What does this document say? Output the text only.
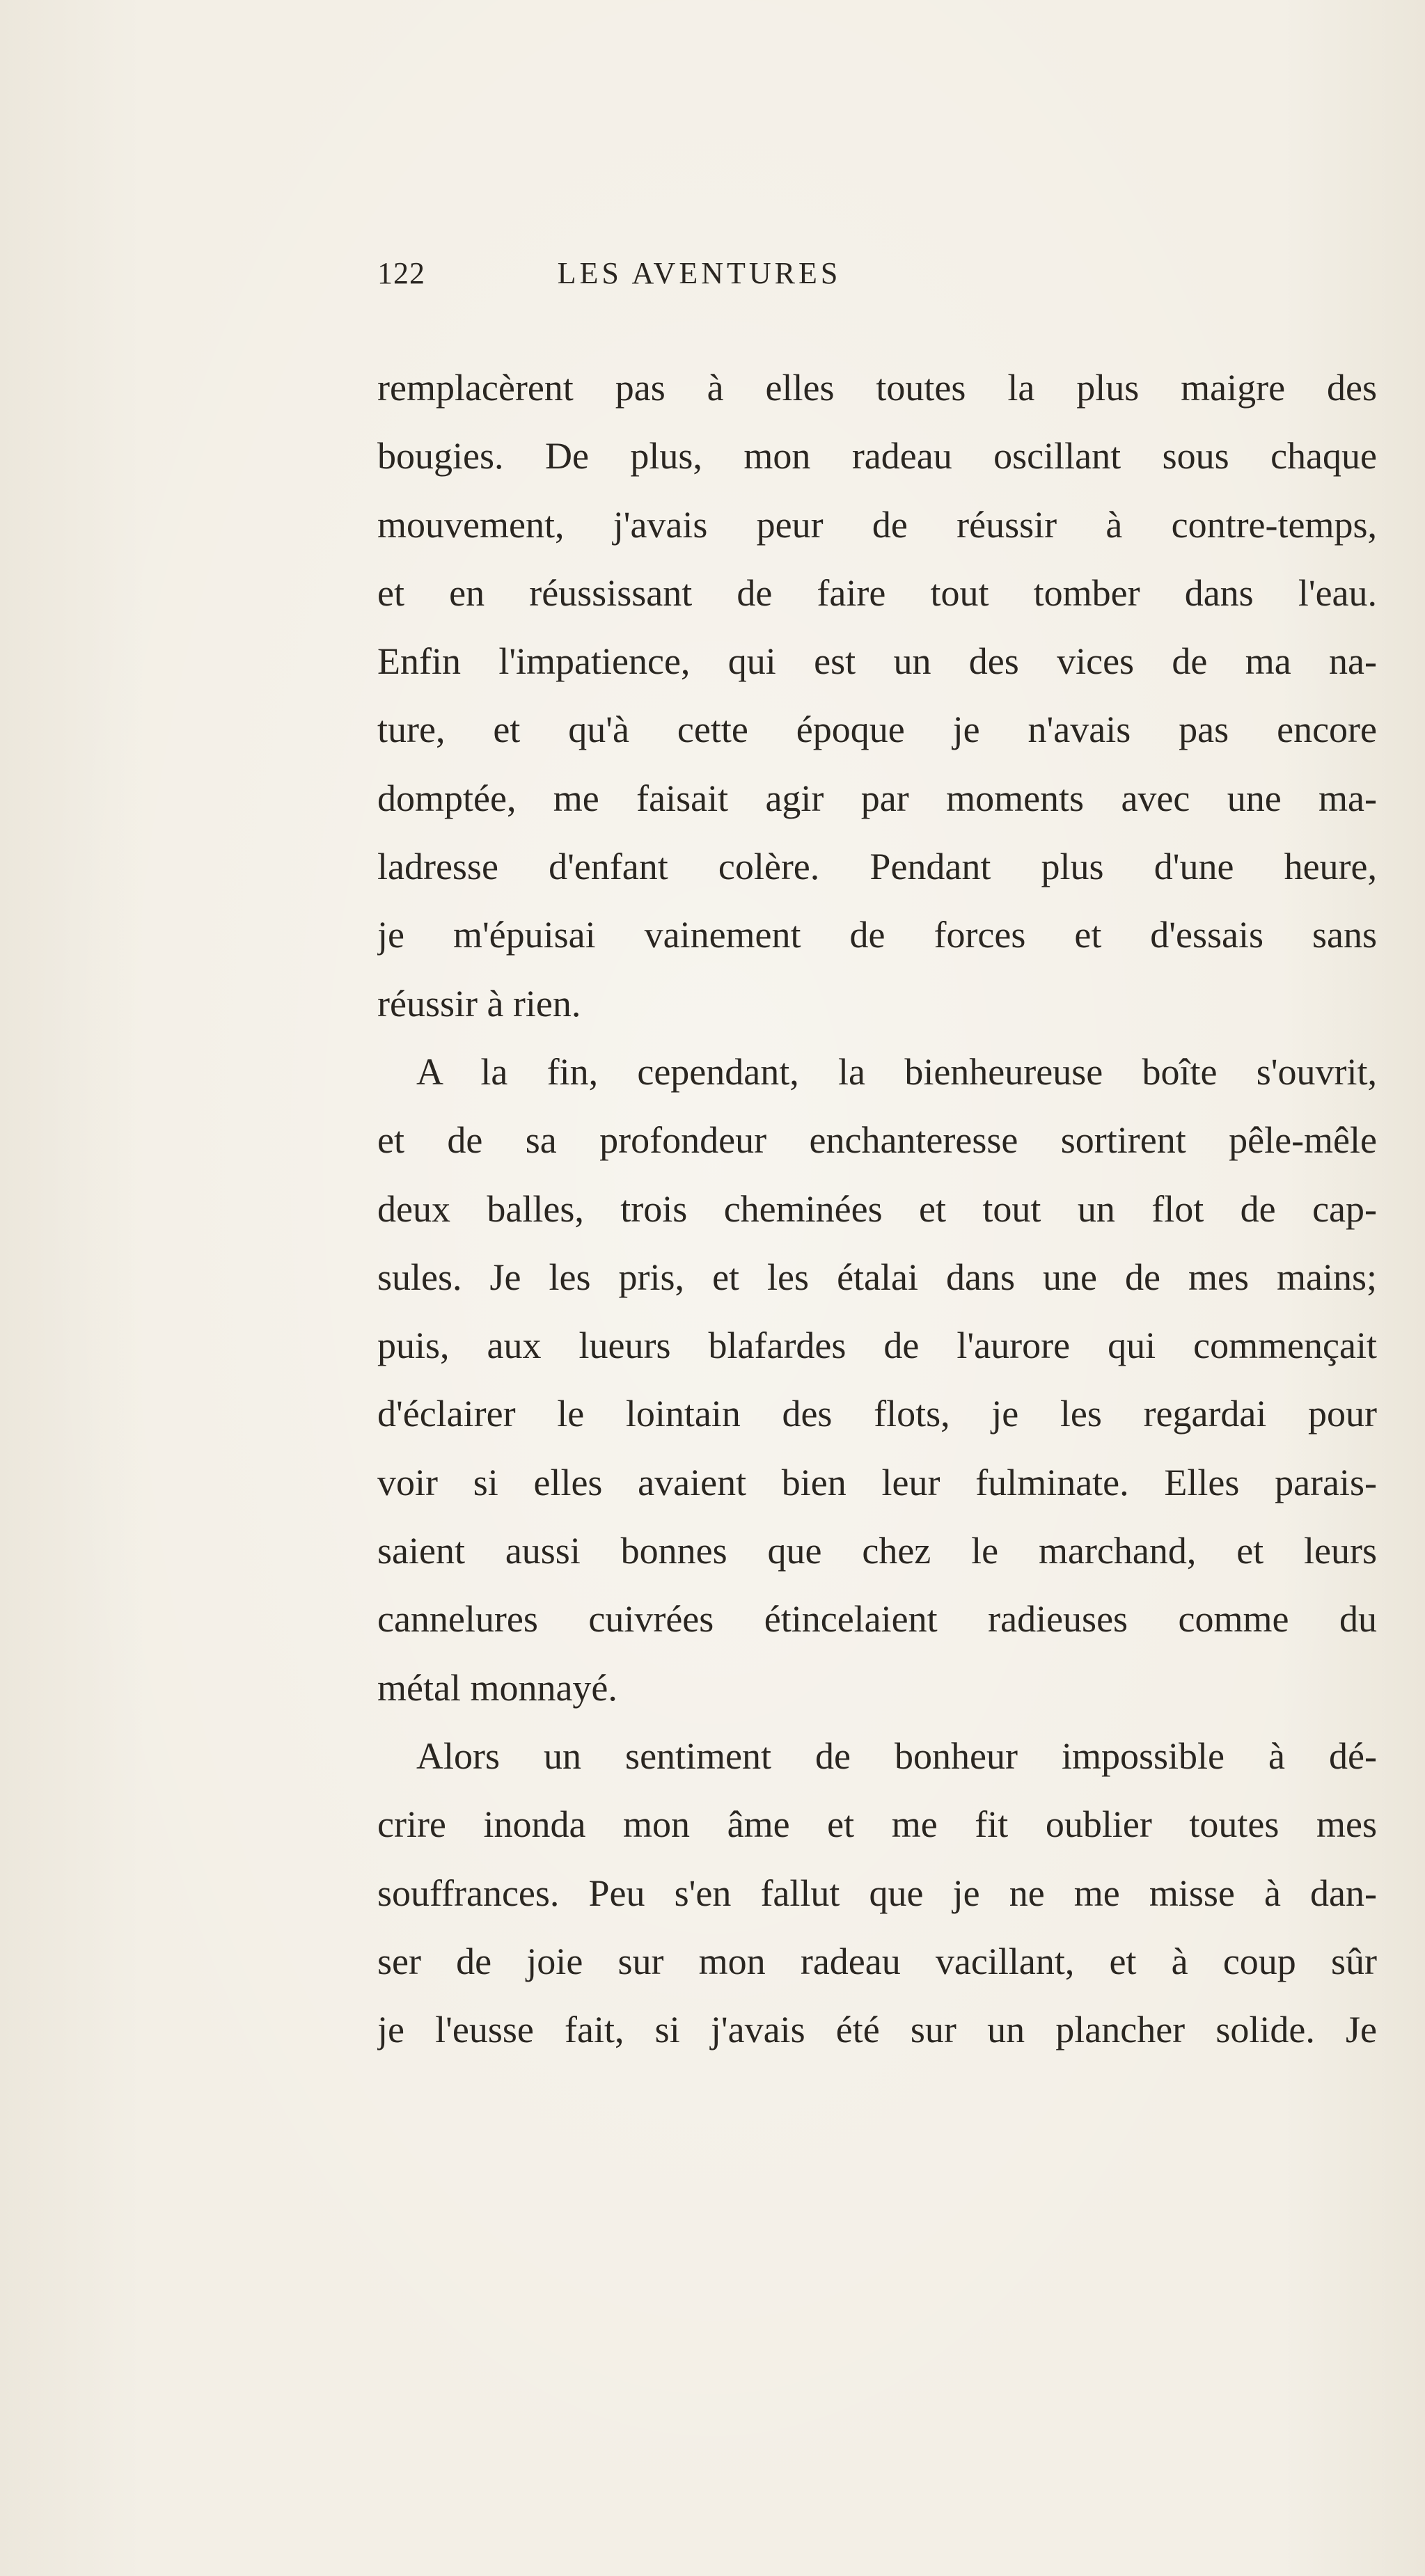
122	LES AVENTURES
remplacèrent pas à elles toutes la plus maigre des
bougies. De plus, mon radeau oscillant sous chaque
mouvement, j'avais peur de réussir à contre-temps,
et en réussissant de faire tout tomber dans l'eau.
Enfin l'impatience, qui est un des vices de ma na-
ture, et qu'à cette époque je n'avais pas encore
domptée, me faisait agir par moments avec une ma-
ladresse d'enfant colère. Pendant plus d'une heure,
je m'épuisai vainement de forces et d'essais sans
réussir à rien.
A la fin, cependant, la bienheureuse boîte s'ouvrit,
et de sa profondeur enchanteresse sortirent pêle-mêle
deux balles, trois cheminées et tout un flot de cap-
sules. Je les pris, et les étalai dans une de mes mains;
puis, aux lueurs blafardes de l'aurore qui commençait
d'éclairer le lointain des flots, je les regardai pour
voir si elles avaient bien leur fulminate. Elles parais-
saient aussi bonnes que chez le marchand, et leurs
cannelures cuivrées étincelaient radieuses comme du
métal monnayé.
Alors un sentiment de bonheur impossible à dé-
crire inonda mon âme et me fit oublier toutes mes
souffrances. Peu s'en fallut que je ne me misse à dan-
ser de joie sur mon radeau vacillant, et à coup sûr
je l'eusse fait, si j'avais été sur un plancher solide. Je
